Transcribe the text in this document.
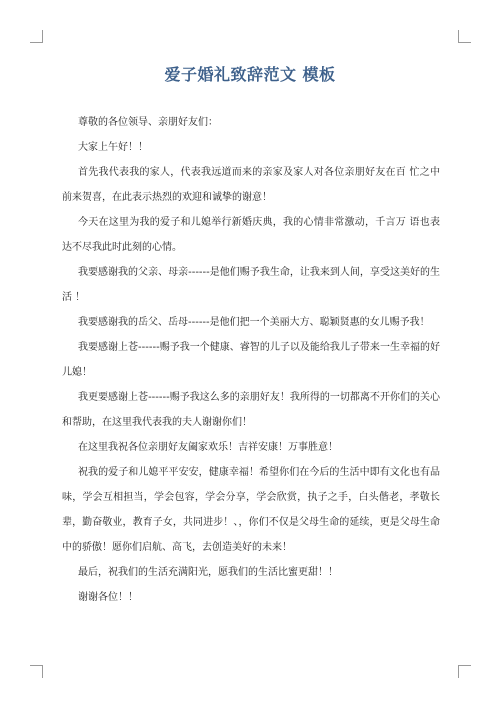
爱子婚礼致辞范文 模板

尊敬的各位领导、亲朋好友们：

大家上午好！！

首先我代表我的家人，代表我远道而来的亲家及家人对各位亲朋好友在百 忙之中前来贺喜，在此表示热烈的欢迎和诚挚的谢意！

今天在这里为我的爱子和儿媳举行新婚庆典，我的心情非常激动，千言万 语也表达不尽我此时此刻的心情。

我要感谢我的父亲、母亲------是他们赐予我生命，让我来到人间，享受这美好的生活 ！

我要感谢我的岳父、岳母------是他们把一个美丽大方、聪颖贤惠的女儿赐予我！

我要感谢上苍------赐予我一个健康、睿智的儿子以及能给我儿子带来一生幸福的好儿媳！

我更要感谢上苍------赐予我这么多的亲朋好友！我所得的一切都离不开你们的关心和帮助，在这里我代表我的夫人谢谢你们！

在这里我祝各位亲朋好友阖家欢乐！吉祥安康！万事胜意！

祝我的爱子和儿媳平平安安，健康幸福！希望你们在今后的生活中即有文化也有品味，学会互相担当，学会包容，学会分享，学会欣赏，执子之手，白头偕老，孝敬长辈，勤奋敬业，教育子女，共同进步！、，你们不仅是父母生命的延续，更是父母生命中的骄傲！愿你们启航、高飞，去创造美好的未来！

最后，祝我们的生活充满阳光，愿我们的生活比蜜更甜！！

谢谢各位！！
